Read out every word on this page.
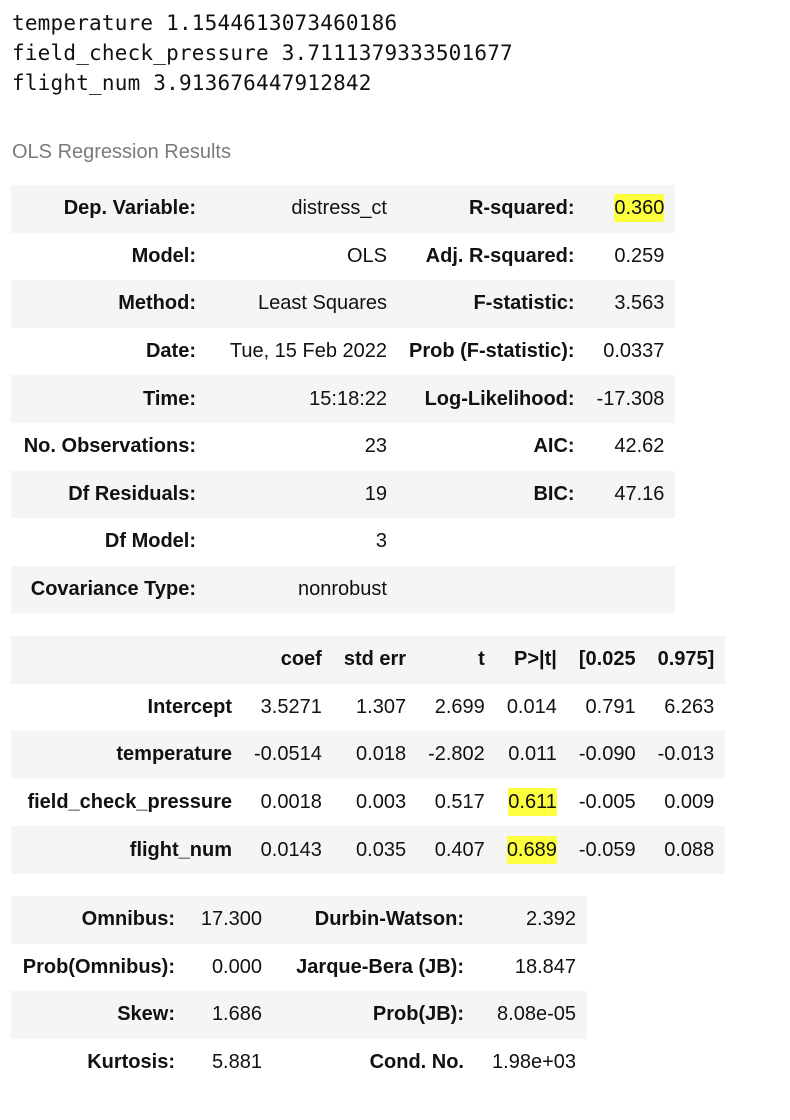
temperature 1.1544613073460186
field_check_pressure 3.7111379333501677
flight_num 3.913676447912842
OLS Regression Results
Dep. Variable:	distress_ct	R-squared:	0.360
Model:	OLS	Adj. R-squared:	0.259
Method:	Least Squares	F-statistic:	3.563
Date:	Tue, 15 Feb 2022	Prob (F-statistic):	0.0337
Time:	15:18:22	Log-Likelihood:	-17.308
No. Observations:	23	AIC:	42.62
Df Residuals:	19	BIC:	47.16
Df Model:	3		
Covariance Type:	nonrobust		
	coef	std err	t	P>|t|	[0.025	0.975]
Intercept	3.5271	1.307	2.699	0.014	0.791	6.263
temperature	-0.0514	0.018	-2.802	0.011	-0.090	-0.013
field_check_pressure	0.0018	0.003	0.517	0.611	-0.005	0.009
flight_num	0.0143	0.035	0.407	0.689	-0.059	0.088
Omnibus:	17.300	Durbin-Watson:	2.392
Prob(Omnibus):	0.000	Jarque-Bera (JB):	18.847
Skew:	1.686	Prob(JB):	8.08e-05
Kurtosis:	5.881	Cond. No.	1.98e+03
